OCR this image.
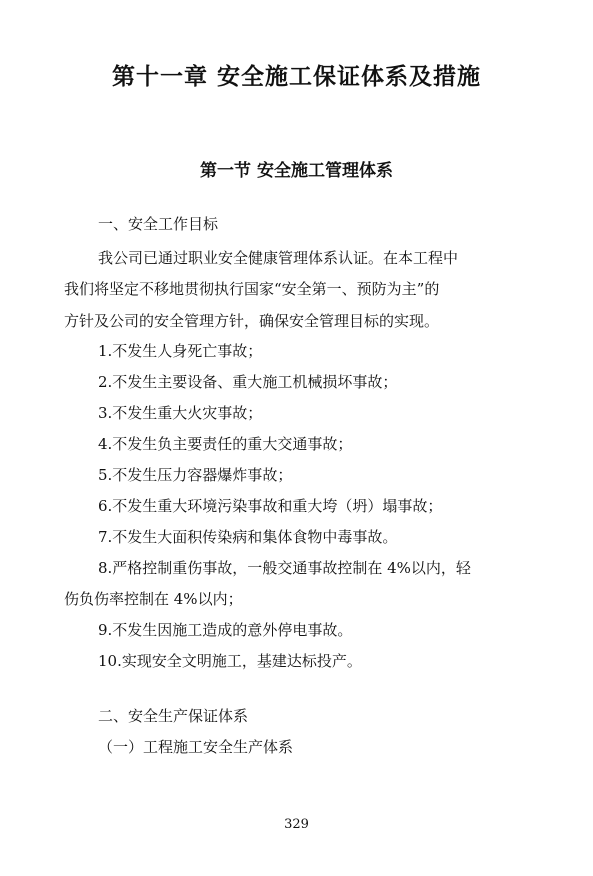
第十一章 安全施工保证体系及措施
第一节 安全施工管理体系
一、安全工作目标
我公司已通过职业安全健康管理体系认证。在本工程中
我们将坚定不移地贯彻执行国家“安全第一、预防为主”的
方针及公司的安全管理方针，确保安全管理目标的实现。
1.不发生人身死亡事故；
2.不发生主要设备、重大施工机械损坏事故；
3.不发生重大火灾事故；
4.不发生负主要责任的重大交通事故；
5.不发生压力容器爆炸事故；
6.不发生重大环境污染事故和重大垮（坍）塌事故；
7.不发生大面积传染病和集体食物中毒事故。
8.严格控制重伤事故，一般交通事故控制在 4%以内，轻
伤负伤率控制在 4%以内；
9.不发生因施工造成的意外停电事故。
10.实现安全文明施工，基建达标投产。
二、安全生产保证体系
（一）工程施工安全生产体系
329
